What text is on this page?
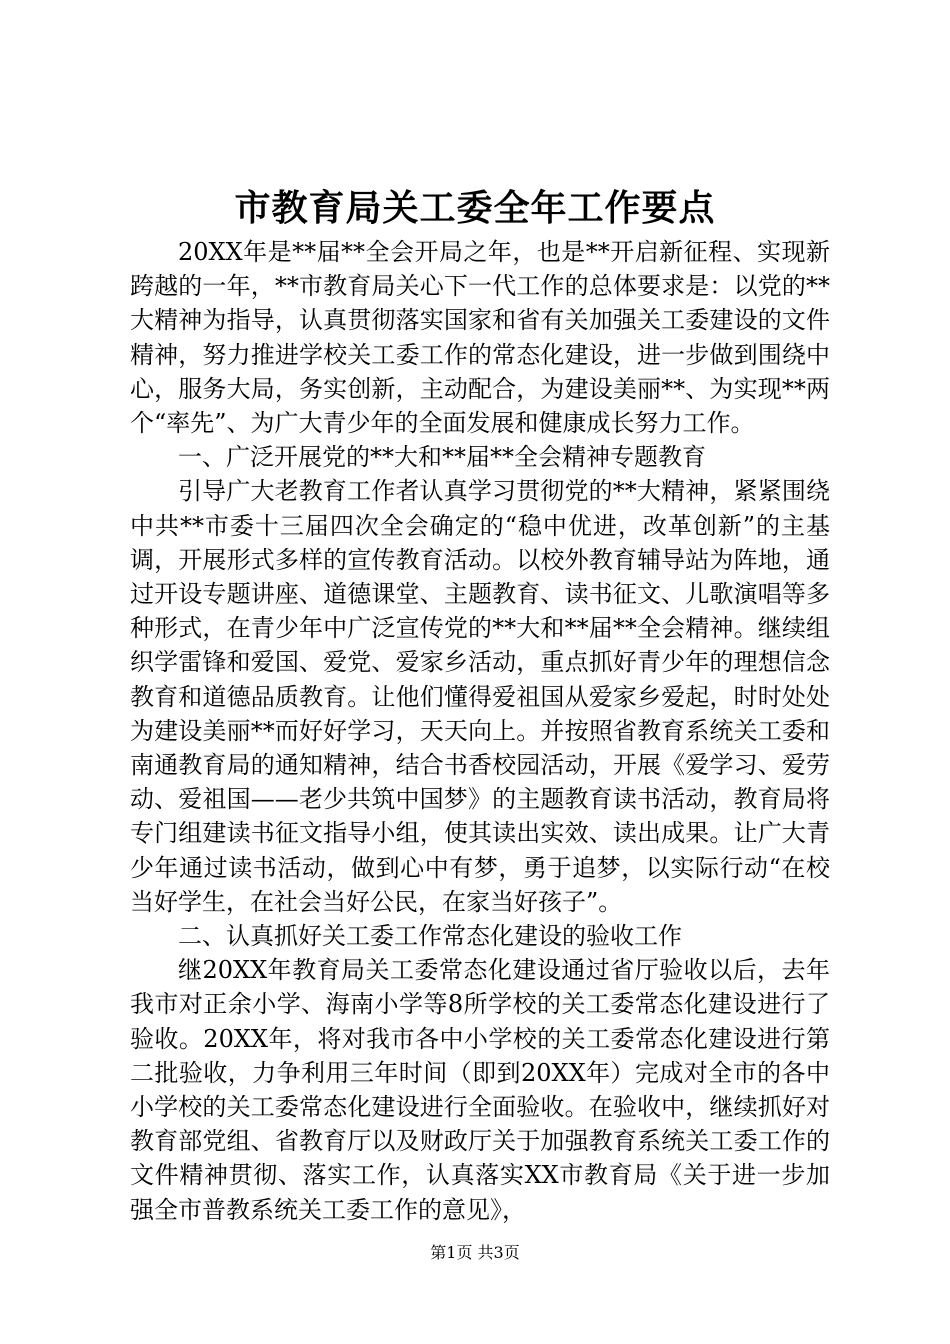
市教育局关工委全年工作要点

20XX年是**届**全会开局之年，也是**开启新征程、实现新跨越的一年，**市教育局关心下一代工作的总体要求是：以党的**大精神为指导，认真贯彻落实国家和省有关加强关工委建设的文件精神，努力推进学校关工委工作的常态化建设，进一步做到围绕中心，服务大局，务实创新，主动配合，为建设美丽**、为实现**两个“率先”、为广大青少年的全面发展和健康成长努力工作。

一、广泛开展党的**大和**届**全会精神专题教育

引导广大老教育工作者认真学习贯彻党的**大精神，紧紧围绕中共**市委十三届四次全会确定的“稳中优进，改革创新”的主基调，开展形式多样的宣传教育活动。以校外教育辅导站为阵地，通过开设专题讲座、道德课堂、主题教育、读书征文、儿歌演唱等多种形式，在青少年中广泛宣传党的**大和**届**全会精神。继续组织学雷锋和爱国、爱党、爱家乡活动，重点抓好青少年的理想信念教育和道德品质教育。让他们懂得爱祖国从爱家乡爱起，时时处处为建设美丽**而好好学习，天天向上。并按照省教育系统关工委和南通教育局的通知精神，结合书香校园活动，开展《爱学习、爱劳动、爱祖国——老少共筑中国梦》的主题教育读书活动，教育局将专门组建读书征文指导小组，使其读出实效、读出成果。让广大青少年通过读书活动，做到心中有梦，勇于追梦，以实际行动“在校当好学生，在社会当好公民，在家当好孩子”。

二、认真抓好关工委工作常态化建设的验收工作

继20XX年教育局关工委常态化建设通过省厅验收以后，去年我市对正余小学、海南小学等8所学校的关工委常态化建设进行了验收。20XX年，将对我市各中小学校的关工委常态化建设进行第二批验收，力争利用三年时间（即到20XX年）完成对全市的各中小学校的关工委常态化建设进行全面验收。在验收中，继续抓好对教育部党组、省教育厅以及财政厅关于加强教育系统关工委工作的文件精神贯彻、落实工作，认真落实XX市教育局《关于进一步加强全市普教系统关工委工作的意见》，

第1页 共3页
